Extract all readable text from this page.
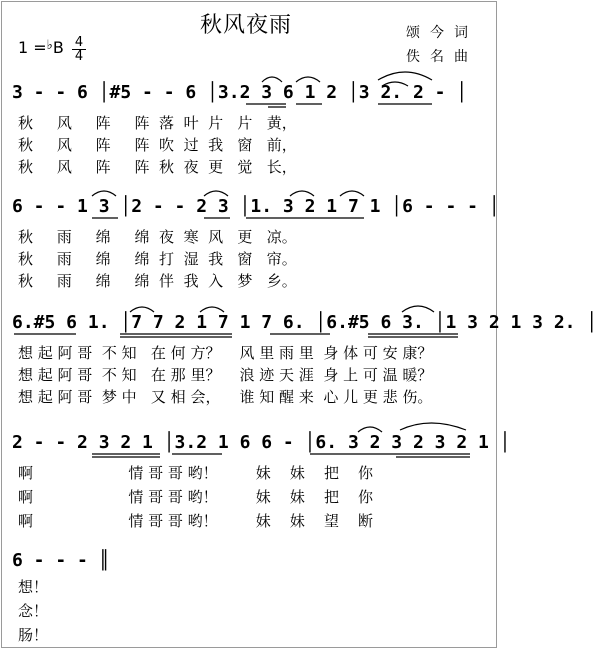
秋风夜雨	颂今词
佚名曲
1 =♭B 4
4
3 - - 6 │#5 - - 6 │3.2 3 6 1 2 │3 2. 2 - │
秋     风     阵     阵  落  叶  片   片   黄，
秋     风     阵     阵  吹  过  我   窗   前，
秋     风     阵     阵  秋  夜  更   觉   长，
6 - - 1 3 │2 - - 2 3 │1. 3 2 1 7 1 │6 - - - │
秋     雨     绵     绵  夜  寒  风   更   凉。
秋     雨     绵     绵  打  湿  我   窗   帘。
秋     雨     绵     绵  伴  我  入   梦   乡。
6.#5 6 1. │7 7 2 1 7 1 7 6. │6.#5 6 3. │1 3 2 1 3 2. │
想 起 阿 哥  不 知   在 何 方？    风 里 雨 里  身 体 可 安 康？
想 起 阿 哥  不 知   在 那 里？    浪 迹 天 涯  身 上 可 温 暖？
想 起 阿 哥  梦 中   又 相 会，    谁 知 醒 来  心 儿 更 悲 伤。
2 - - 2 3 2 1 │3.2 1 6 6 - │6. 3 2 3 2 3 2 1 │
啊                    情 哥 哥 哟！        妹    妹    把    你
啊                    情 哥 哥 哟！        妹    妹    把    你
啊                    情 哥 哥 哟！        妹    妹    望    断
6 - - - ║
想！
念！
肠！
